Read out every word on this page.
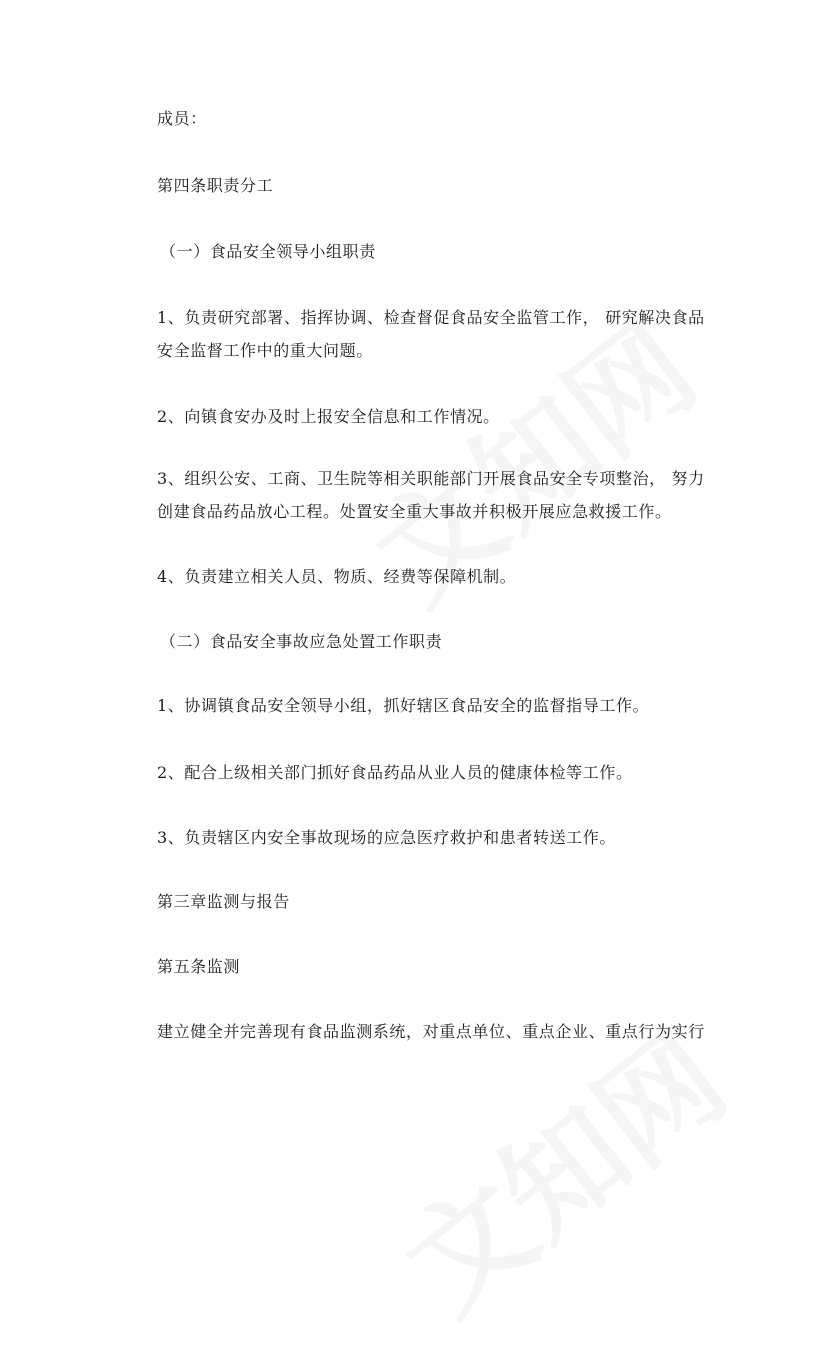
成员：
第四条职责分工
（一）食品安全领导小组职责
1、负责研究部署、指挥协调、检查督促食品安全监管工作， 研究解决食品安全监督工作中的重大问题。
2、向镇食安办及时上报安全信息和工作情况。
3、组织公安、工商、卫生院等相关职能部门开展食品安全专项整治， 努力创建食品药品放心工程。处置安全重大事故并积极开展应急救援工作。
4、负责建立相关人员、物质、经费等保障机制。
（二）食品安全事故应急处置工作职责
1、协调镇食品安全领导小组，抓好辖区食品安全的监督指导工作。
2、配合上级相关部门抓好食品药品从业人员的健康体检等工作。
3、负责辖区内安全事故现场的应急医疗救护和患者转送工作。
第三章监测与报告
第五条监测
建立健全并完善现有食品监测系统，对重点单位、重点企业、重点行为实行
